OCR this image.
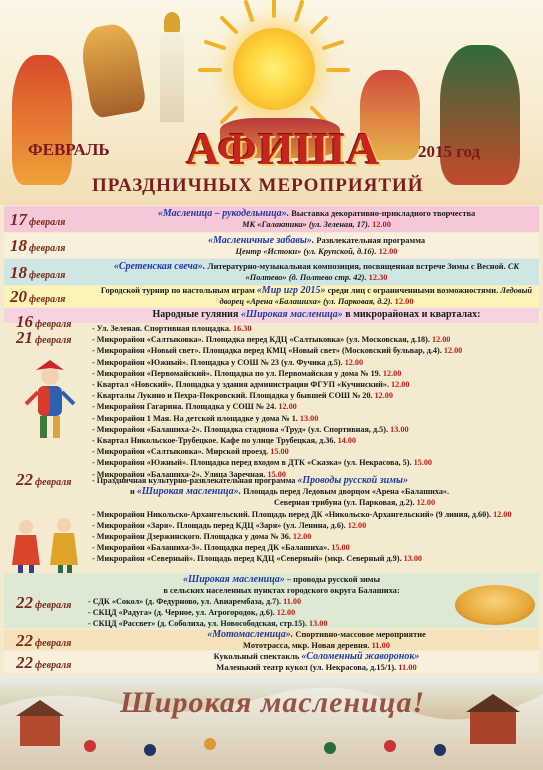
ФЕВРАЛЬ АФИША 2015 год
ПРАЗДНИЧНЫХ МЕРОПРИЯТИЙ
17 февраля
«Масленица – рукодельница». Выставка декоративно-прикладного творчества
МК «Галактика» (ул. Зеленая, 17). 12.00
18 февраля
«Масленичные забавы». Развлекательная программа
Центр «Истоки» (ул. Крупской, д.16). 12.00
18 февраля
«Сретенская свеча». Литературно-музыкальная композиция, посвященная встрече Зимы с Весной. СК «Полтево» (д. Полтево стр. 42). 12.30
20 февраля
Городской турнир по настольным играм «Мир игр 2015» среди лиц с ограниченными возможностями. Ледовый дворец «Арена «Балашиха» (ул. Парковая, д.2). 12.00
Народные гуляния «Широкая масленица» в микрорайонах и кварталах:
16 февраля
21 февраля
- Ул. Зеленая. Спортивная площадка. 16.30
- Микрорайон «Салтыковка». Площадка перед КДЦ «Салтыковка» (ул. Московская, д.18). 12.00
- Микрорайон «Новый свет». Площадка перед КМЦ «Новый свет» (Московский бульвар, д.4). 12.00
- Микрорайон «Южный». Площадка у СОШ № 23 (ул. Фучика д.5). 12.00
- Микрорайон «Первомайский». Площадка по ул. Первомайская у дома № 19. 12.00
- Квартал «Новский». Площадка у здания администрации ФГУП «Кучинский». 12.00
- Кварталы Лукино и Пехра-Покровский. Площадка у бывшей СОШ № 20. 12.00
- Микрорайон Гагарина. Площадка у СОШ № 24. 12.00
- Микрорайон 1 Мая. На детской площадке у дома № 1. 13.00
- Микрорайон «Балашиха-2». Площадка стадиона «Труд» (ул. Спортивная, д.5). 13.00
- Квартал Никольское-Трубецкое. Кафе по улице Трубецкая, д.36. 14.00
- Микрорайон «Салтыковка». Мирской проезд. 15.00
- Микрорайон «Южный». Площадка перед входом в ДТК «Сказка» (ул. Некрасова, 5). 15.00
- Микрорайон «Балашиха-2». Улица Заречная. 15.00
22 февраля	- Праздничная культурно-развлекательная программа «Проводы русской зимы»
и «Широкая масленица». Площадь перед Ледовым дворцом «Арена «Балашиха».
Северная трибуна (ул. Парковая, д.2). 12.00
- Микрорайон Никольско-Архангельский. Площадь перед ДК «Никольско-Архангельский» (9 линия, д.60). 12.00
- Микрорайон «Заря». Площадь перед КДЦ «Заря» (ул. Ленина, д.6). 12.00
- Микрорайон Дзержинского. Площадка у дома № 36. 12.00
- Микрорайон «Балашиха-3». Площадка перед ДК «Балашиха». 15.00
- Микрорайон «Северный». Площадь перед КДЦ «Северный» (мкр. Северный д.9). 13.00
22 февраля
«Широкая масленица» – проводы русской зимы
в сельских населенных пунктах городского округа Балашиха:
- СДК «Сокол» (д. Федурново, ул. Авиарембаза, д.7). 11.00
- СКЦД «Радуга» (д. Черное, ул. Агрогородок, д.6). 12.00
- СКЦД «Рассвет» (д. Соболиха, ул. Новосободская, стр.15). 13.00
22 февраля
«Мотомасленица». Спортивно-массовое мероприятие
Мототрасса, мкр. Новая деревня. 11.00
22 февраля
Кукольный спектакль «Соломенный жаворонок»
Маленький театр кукол (ул. Некрасова, д.15/1). 11.00
Широкая масленица!
